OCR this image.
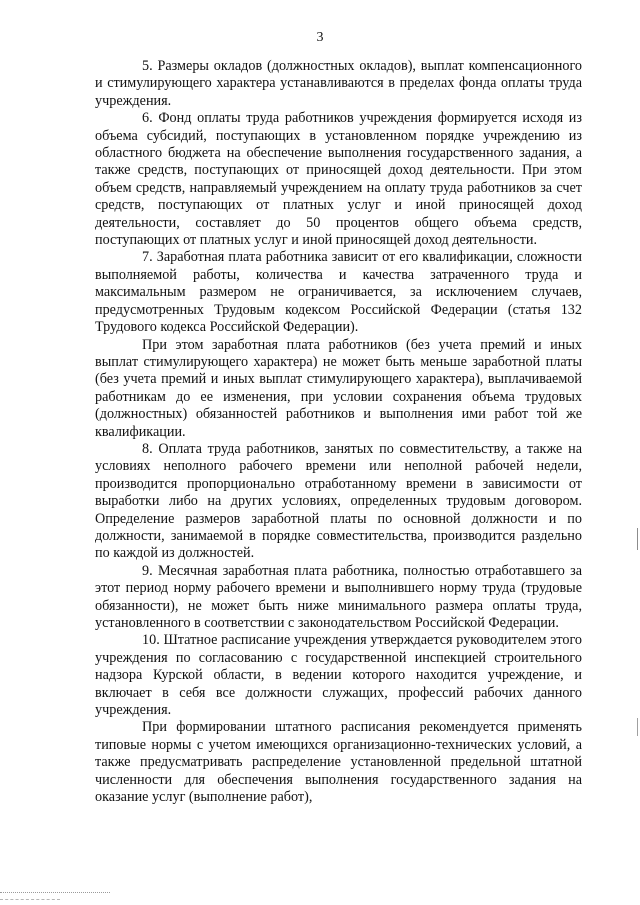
3

5. Размеры окладов (должностных окладов), выплат компенсационного и стимулирующего характера устанавливаются в пределах фонда оплаты труда учреждения.

6. Фонд оплаты труда работников учреждения формируется исходя из объема субсидий, поступающих в установленном порядке учреждению из областного бюджета на обеспечение выполнения государственного задания, а также средств, поступающих от приносящей доход деятельности. При этом объем средств, направляемый учреждением на оплату труда работников за счет средств, поступающих от платных услуг и иной приносящей доход деятельности, составляет до 50 процентов общего объема средств, поступающих от платных услуг и иной приносящей доход деятельности.

7. Заработная плата работника зависит от его квалификации, сложности выполняемой работы, количества и качества затраченного труда и максимальным размером не ограничивается, за исключением случаев, предусмотренных Трудовым кодексом Российской Федерации (статья 132 Трудового кодекса Российской Федерации).

При этом заработная плата работников (без учета премий и иных выплат стимулирующего характера) не может быть меньше заработной платы (без учета премий и иных выплат стимулирующего характера), выплачиваемой работникам до ее изменения, при условии сохранения объема трудовых (должностных) обязанностей работников и выполнения ими работ той же квалификации.

8. Оплата труда работников, занятых по совместительству, а также на условиях неполного рабочего времени или неполной рабочей недели, производится пропорционально отработанному времени в зависимости от выработки либо на других условиях, определенных трудовым договором. Определение размеров заработной платы по основной должности и по должности, занимаемой в порядке совместительства, производится раздельно по каждой из должностей.

9. Месячная заработная плата работника, полностью отработавшего за этот период норму рабочего времени и выполнившего норму труда (трудовые обязанности), не может быть ниже минимального размера оплаты труда, установленного в соответствии с законодательством Российской Федерации.

10. Штатное расписание учреждения утверждается руководителем этого учреждения по согласованию с государственной инспекцией строительного надзора Курской области, в ведении которого находится учреждение, и включает в себя все должности служащих, профессий рабочих данного учреждения.

При формировании штатного расписания рекомендуется применять типовые нормы с учетом имеющихся организационно-технических условий, а также предусматривать распределение установленной предельной штатной численности для обеспечения выполнения государственного задания на оказание услуг (выполнение работ),
